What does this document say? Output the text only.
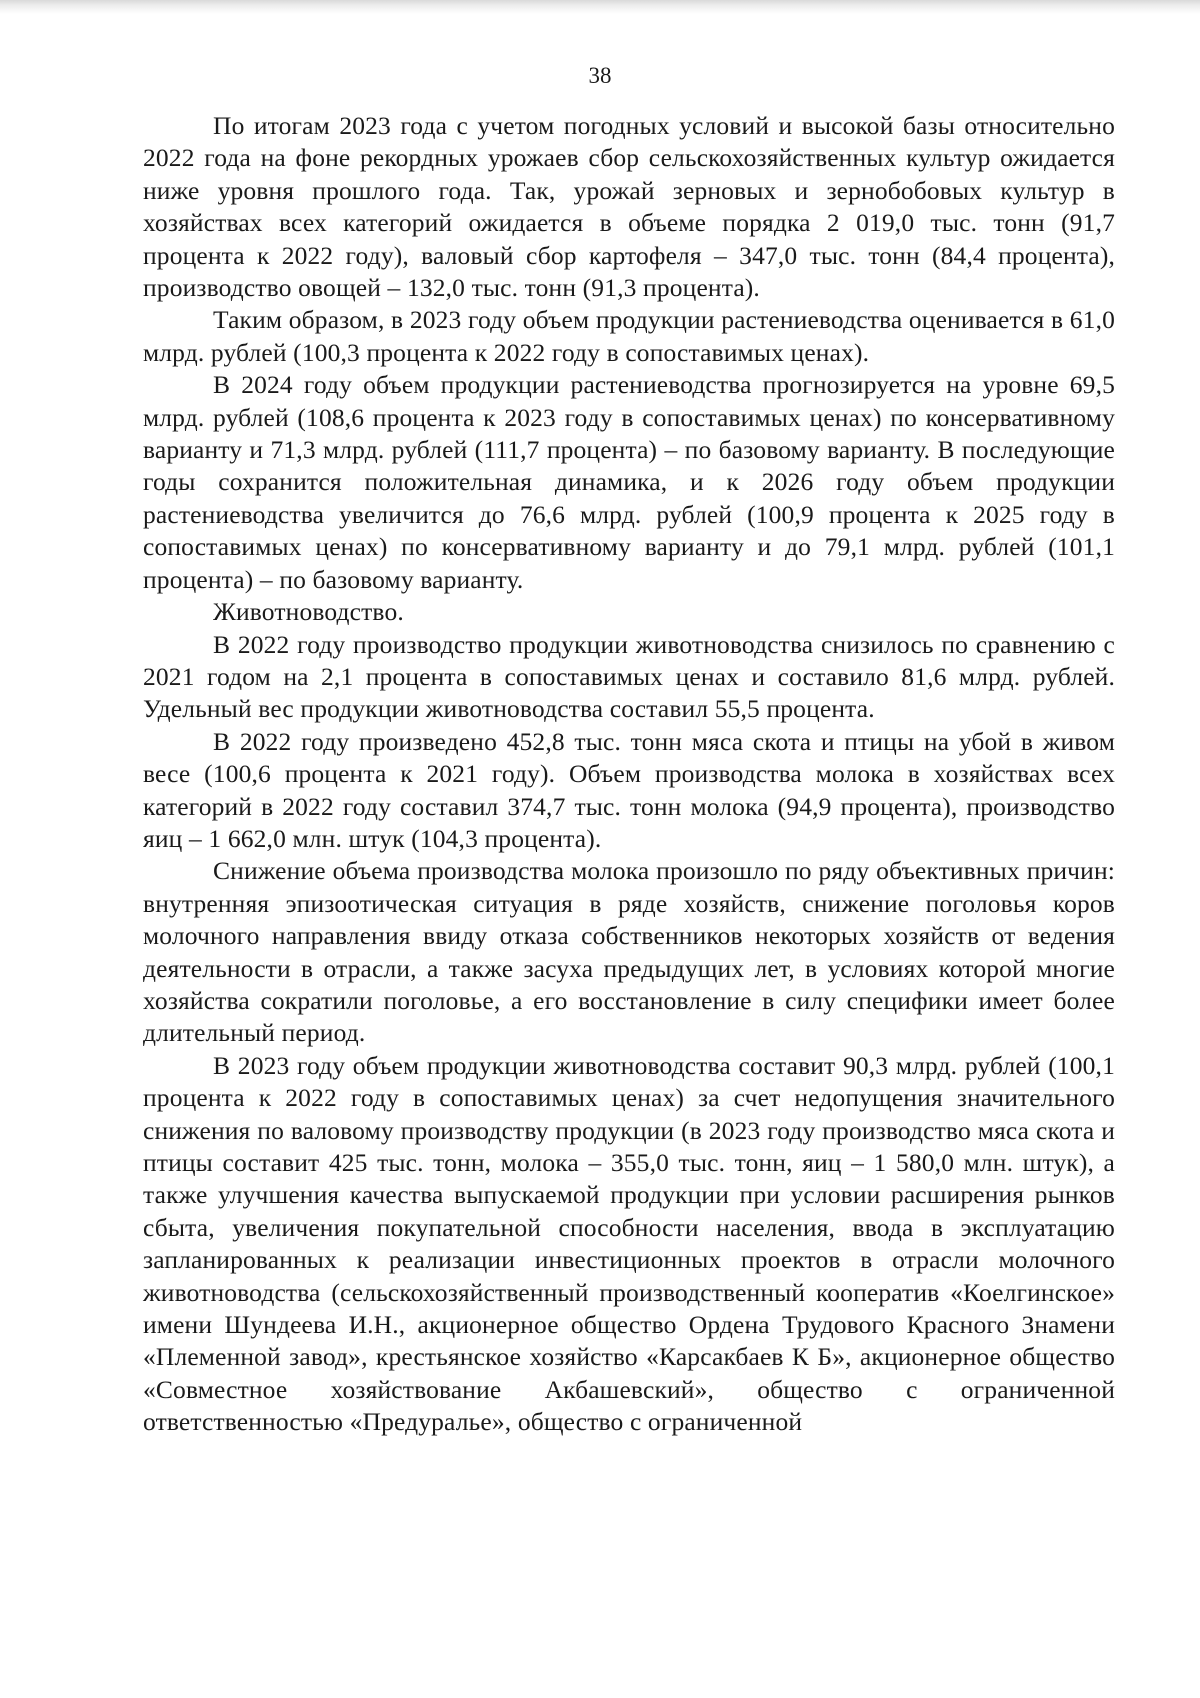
38

По итогам 2023 года с учетом погодных условий и высокой базы относительно 2022 года на фоне рекордных урожаев сбор сельскохозяйственных культур ожидается ниже уровня прошлого года. Так, урожай зерновых и зернобобовых культур в хозяйствах всех категорий ожидается в объеме порядка 2 019,0 тыс. тонн (91,7 процента к 2022 году), валовый сбор картофеля – 347,0 тыс. тонн (84,4 процента), производство овощей – 132,0 тыс. тонн (91,3 процента).

Таким образом, в 2023 году объем продукции растениеводства оценивается в 61,0 млрд. рублей (100,3 процента к 2022 году в сопоставимых ценах).

В 2024 году объем продукции растениеводства прогнозируется на уровне 69,5 млрд. рублей (108,6 процента к 2023 году в сопоставимых ценах) по консервативному варианту и 71,3 млрд. рублей (111,7 процента) – по базовому варианту. В последующие годы сохранится положительная динамика, и к 2026 году объем продукции растениеводства увеличится до 76,6 млрд. рублей (100,9 процента к 2025 году в сопоставимых ценах) по консервативному варианту и до 79,1 млрд. рублей (101,1 процента) – по базовому варианту.

Животноводство.

В 2022 году производство продукции животноводства снизилось по сравнению с 2021 годом на 2,1 процента в сопоставимых ценах и составило 81,6 млрд. рублей. Удельный вес продукции животноводства составил 55,5 процента.

В 2022 году произведено 452,8 тыс. тонн мяса скота и птицы на убой в живом весе (100,6 процента к 2021 году). Объем производства молока в хозяйствах всех категорий в 2022 году составил 374,7 тыс. тонн молока (94,9 процента), производство яиц – 1 662,0 млн. штук (104,3 процента).

Снижение объема производства молока произошло по ряду объективных причин: внутренняя эпизоотическая ситуация в ряде хозяйств, снижение поголовья коров молочного направления ввиду отказа собственников некоторых хозяйств от ведения деятельности в отрасли, а также засуха предыдущих лет, в условиях которой многие хозяйства сократили поголовье, а его восстановление в силу специфики имеет более длительный период.

В 2023 году объем продукции животноводства составит 90,3 млрд. рублей (100,1 процента к 2022 году в сопоставимых ценах) за счет недопущения значительного снижения по валовому производству продукции (в 2023 году производство мяса скота и птицы составит 425 тыс. тонн, молока – 355,0 тыс. тонн, яиц – 1 580,0 млн. штук), а также улучшения качества выпускаемой продукции при условии расширения рынков сбыта, увеличения покупательной способности населения, ввода в эксплуатацию запланированных к реализации инвестиционных проектов в отрасли молочного животноводства (сельскохозяйственный производственный кооператив «Коелгинское» имени Шундеева И.Н., акционерное общество Ордена Трудового Красного Знамени «Племенной завод», крестьянское хозяйство «Карсакбаев К Б», акционерное общество «Совместное хозяйствование Акбашевский», общество с ограниченной ответственностью «Предуралье», общество с ограниченной
